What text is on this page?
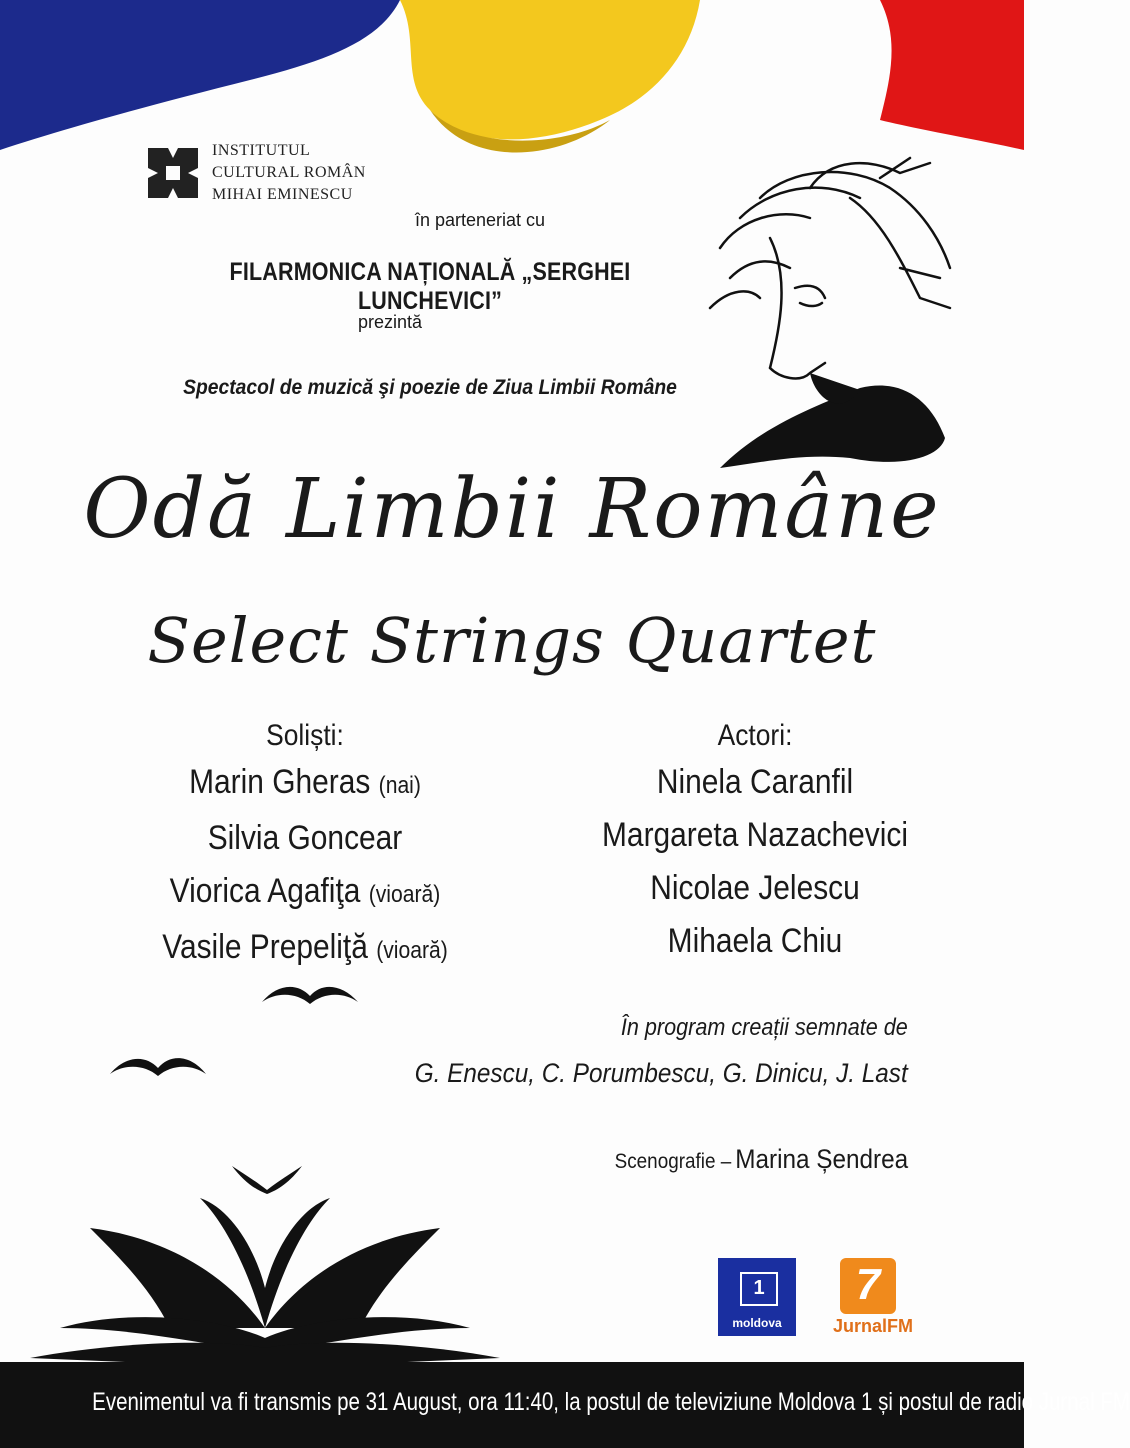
INSTITUTUL
CULTURAL ROMÂN
MIHAI EMINESCU
în parteneriat cu
FILARMONICA NAȚIONALĂ „SERGHEI LUNCHEVICI”
prezintă
Spectacol de muzică şi poezie de Ziua Limbii Române
Odă Limbii Române
Select Strings Quartet
Soliști:
Marin Gheras (nai)
Silvia Goncear
Viorica Agafiţa (vioară)
Vasile Prepeliţă (vioară)
Actori:
Ninela Caranfil
Margareta Nazachevici
Nicolae Jelescu
Mihaela Chiu
În program creații semnate de
G. Enescu, C. Porumbescu, G. Dinicu, J. Last
Scenografie – Marina Șendrea
1
moldova
7
JurnalFM
Evenimentul va fi transmis pe 31 August, ora 11:40, la postul de televiziune Moldova 1 și postul de radio Jurnal FM
